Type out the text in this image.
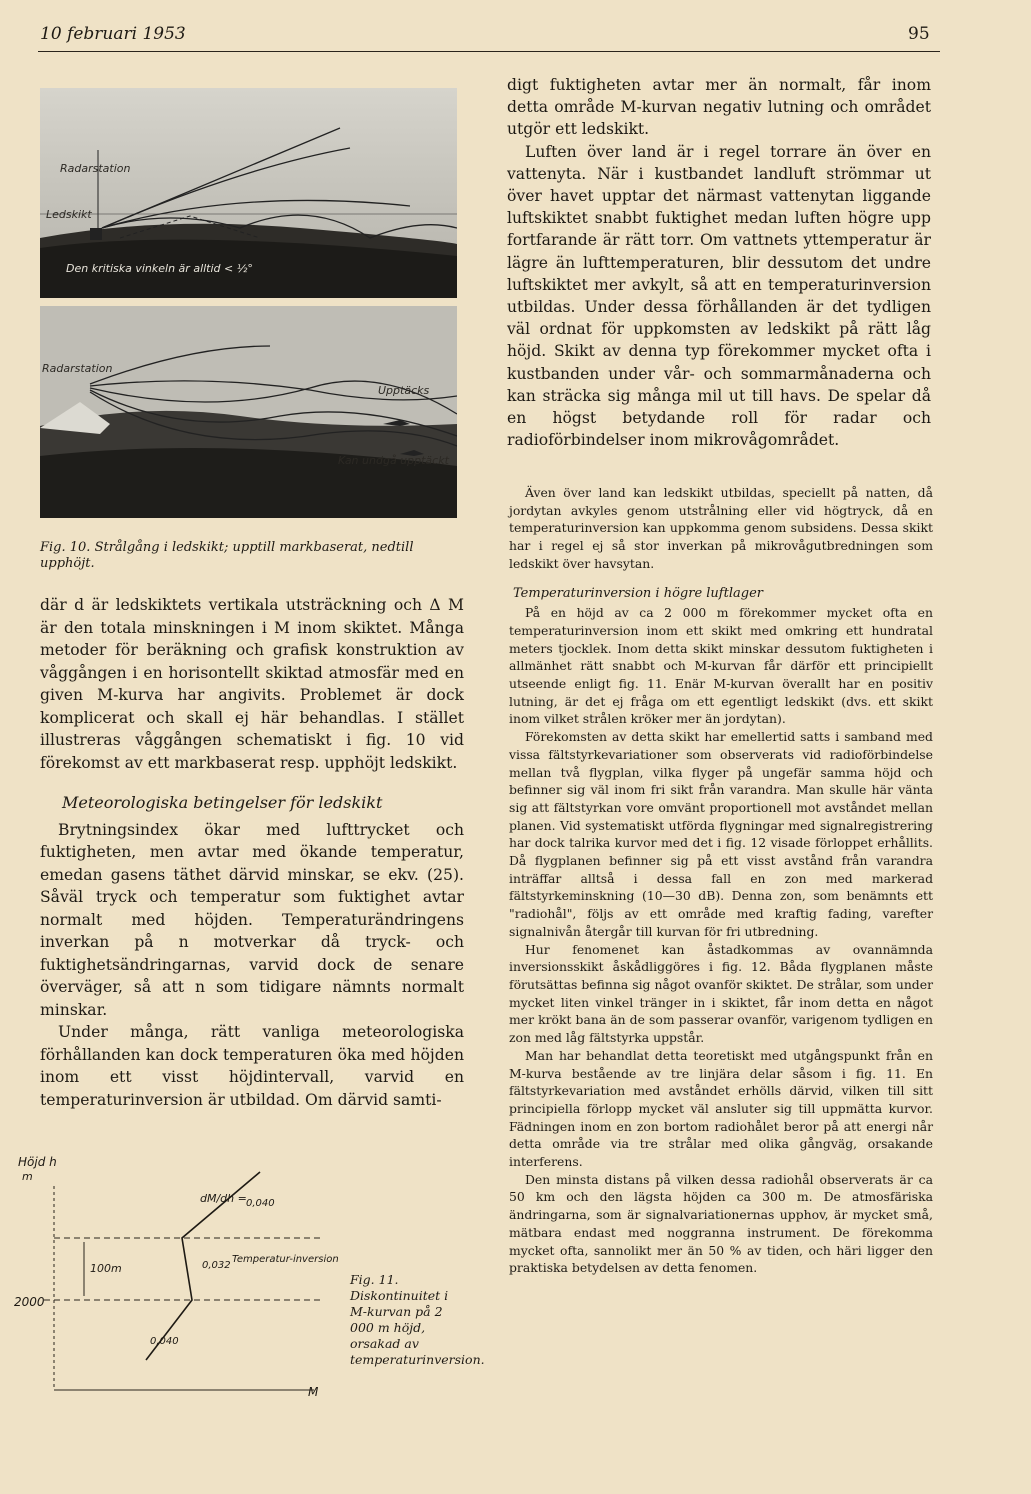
10 februari 1953	95
Radarstation
Ledskikt
Den kritiska vinkeln är alltid < ½°
Radarstation
Upptäcks
Kan undgå upptäckt
Fig. 10. Strålgång i ledskikt; upptill markbaserat, nedtill upphöjt.

där d är ledskiktets vertikala utsträckning och Δ M är den totala minskningen i M inom skiktet. Många metoder för beräkning och grafisk konstruktion av våggången i en horisontellt skiktad atmosfär med en given M-kurva har angivits. Problemet är dock komplicerat och skall ej här behandlas. I stället illustreras våggången schematiskt i fig. 10 vid förekomst av ett markbaserat resp. upphöjt ledskikt.

Meteorologiska betingelser för ledskikt

Brytningsindex ökar med lufttrycket och fuktigheten, men avtar med ökande temperatur, emedan gasens täthet därvid minskar, se ekv. (25). Såväl tryck och temperatur som fuktighet avtar normalt med höjden. Temperaturändringens inverkan på n motverkar då tryck- och fuktighetsändringarnas, varvid dock de senare överväger, så att n som tidigare nämnts normalt minskar.

Under många, rätt vanliga meteorologiska förhållanden kan dock temperaturen öka med höjden inom ett visst höjdintervall, varvid en temperaturinversion är utbildad. Om därvid samti-

digt fuktigheten avtar mer än normalt, får inom detta område M-kurvan negativ lutning och området utgör ett ledskikt.

Luften över land är i regel torrare än över en vattenyta. När i kustbandet landluft strömmar ut över havet upptar det närmast vattenytan liggande luftskiktet snabbt fuktighet medan luften högre upp fortfarande är rätt torr. Om vattnets yttemperatur är lägre än lufttemperaturen, blir dessutom det undre luftskiktet mer avkylt, så att en temperaturinversion utbildas. Under dessa förhållanden är det tydligen väl ordnat för uppkomsten av ledskikt på rätt låg höjd. Skikt av denna typ förekommer mycket ofta i kustbanden under vår- och sommarmånaderna och kan sträcka sig många mil ut till havs. De spelar då en högst betydande roll för radar och radioförbindelser inom mikrovågområdet.

Även över land kan ledskikt utbildas, speciellt på natten, då jordytan avkyles genom utstrålning eller vid högtryck, då en temperaturinversion kan uppkomma genom subsidens. Dessa skikt har i regel ej så stor inverkan på mikrovågutbredningen som ledskikt över havsytan.

Temperaturinversion i högre luftlager

På en höjd av ca 2 000 m förekommer mycket ofta en temperaturinversion inom ett skikt med omkring ett hundratal meters tjocklek. Inom detta skikt minskar dessutom fuktigheten i allmänhet rätt snabbt och M-kurvan får därför ett principiellt utseende enligt fig. 11. Enär M-kurvan överallt har en positiv lutning, är det ej fråga om ett egentligt ledskikt (dvs. ett skikt inom vilket strålen kröker mer än jordytan).

Förekomsten av detta skikt har emellertid satts i samband med vissa fältstyrkevariationer som observerats vid radioförbindelse mellan två flygplan, vilka flyger på ungefär samma höjd och befinner sig väl inom fri sikt från varandra. Man skulle här vänta sig att fältstyrkan vore omvänt proportionell mot avståndet mellan planen. Vid systematiskt utförda flygningar med signalregistrering har dock talrika kurvor med det i fig. 12 visade förloppet erhållits. Då flygplanen befinner sig på ett visst avstånd från varandra inträffar alltså i dessa fall en zon med markerad fältstyrkeminskning (10—30 dB). Denna zon, som benämnts ett "radiohål", följs av ett område med kraftig fading, varefter signalnivån återgår till kurvan för fri utbredning.

Hur fenomenet kan åstadkommas av ovannämnda inversionsskikt åskådliggöres i fig. 12. Båda flygplanen måste förutsättas befinna sig något ovanför skiktet. De strålar, som under mycket liten vinkel tränger in i skiktet, får inom detta en något mer krökt bana än de som passerar ovanför, varigenom tydligen en zon med låg fältstyrka uppstår.

Man har behandlat detta teoretiskt med utgångspunkt från en M-kurva bestående av tre linjära delar såsom i fig. 11. En fältstyrkevariation med avståndet erhölls därvid, vilken till sitt principiella förlopp mycket väl ansluter sig till uppmätta kurvor. Fädningen inom en zon bortom radiohålet beror på att energi når detta område via tre strålar med olika gångväg, orsakande interferens.

Den minsta distans på vilken dessa radiohål observerats är ca 50 km och den lägsta höjden ca 300 m. De atmosfäriska ändringarna, som är signalvariationernas upphov, är mycket små, mätbara endast med noggranna instrument. De förekomma mycket ofta, sannolikt mer än 50 % av tiden, och häri ligger den praktiska betydelsen av detta fenomen.

Höjd h
m
2000
M
dM/dh = 0,040
0,032
0,040
100m
Temperatur-inversion
Fig. 11. Diskontinuitet i M-kurvan på 2 000 m höjd, orsakad av temperaturinversion.
